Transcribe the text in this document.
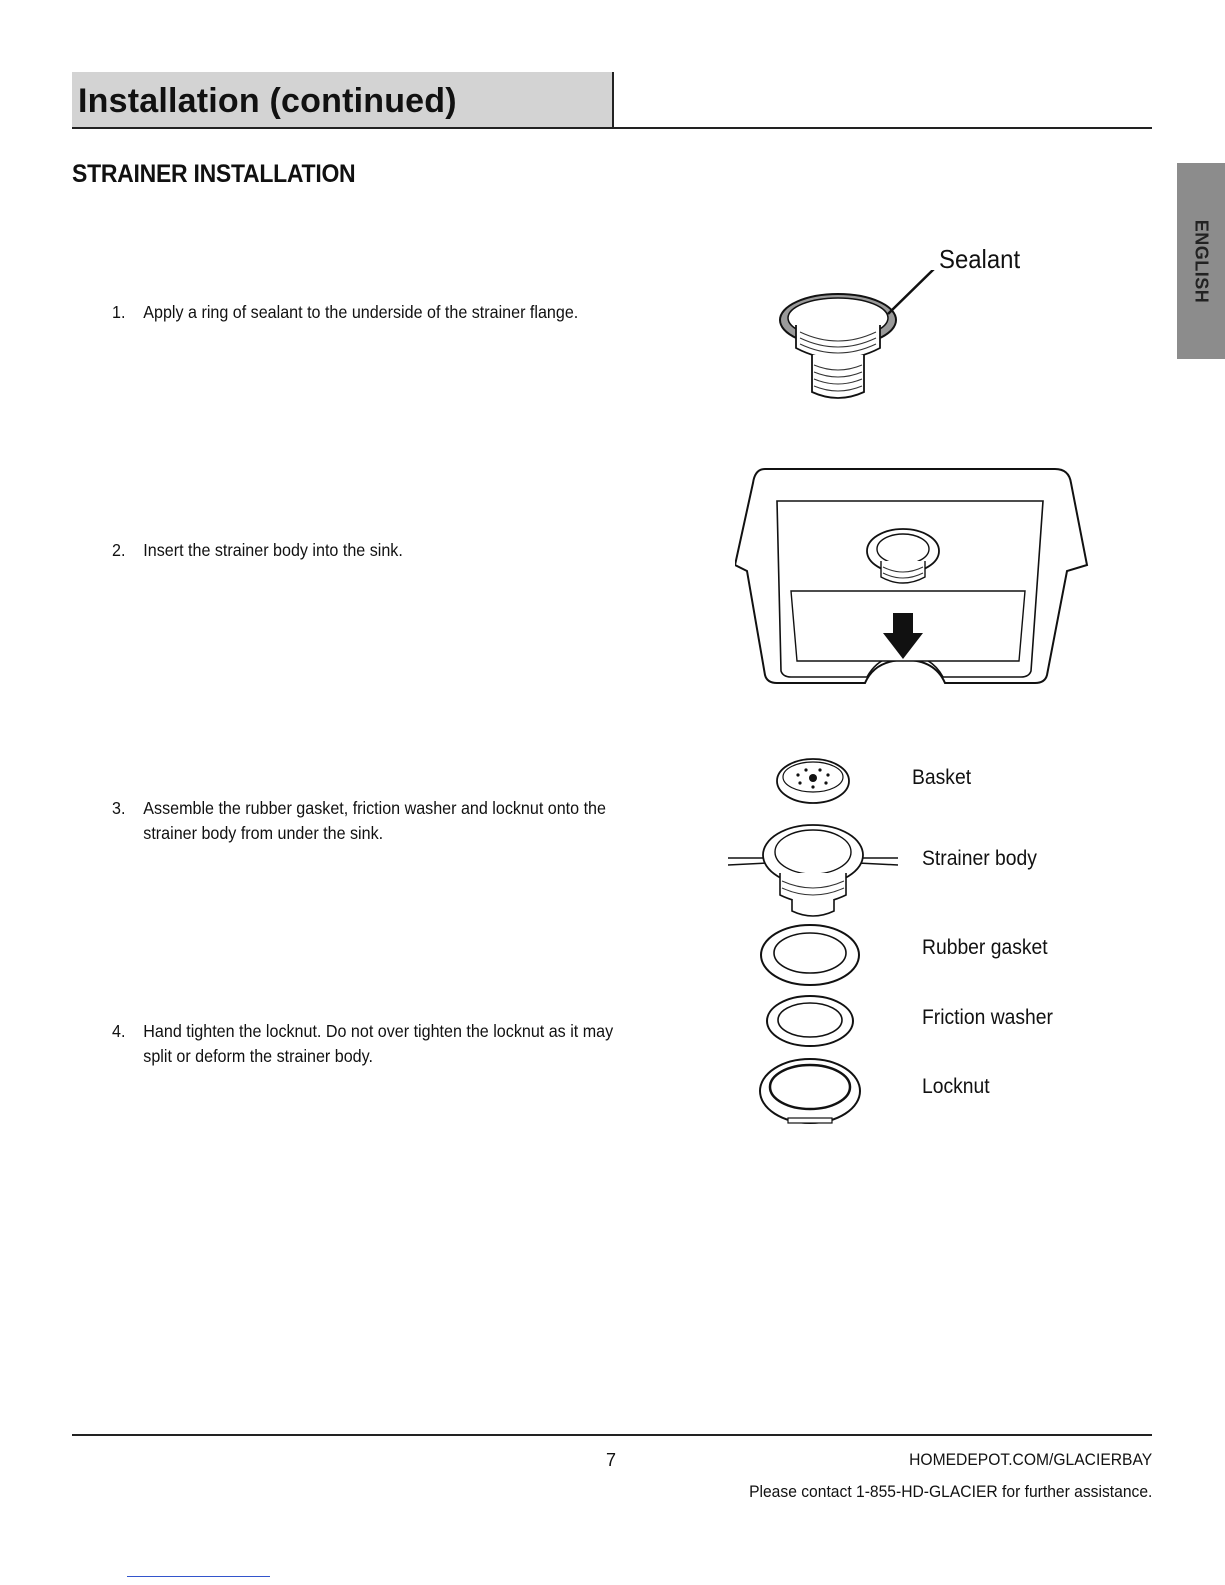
Installation (continued)
STRAINER INSTALLATION
ENGLISH
1. Apply a ring of sealant to the underside of the strainer flange.
2. Insert the strainer body into the sink.
3. Assemble the rubber gasket, friction washer and locknut onto the strainer body from under the sink.
4. Hand tighten the locknut. Do not over tighten the locknut as it may split or deform the strainer body.
Sealant
Basket
Strainer body
Rubber gasket
Friction washer
Locknut
7	HOMEDEPOT.COM/GLACIERBAY
Please contact 1-855-HD-GLACIER for further assistance.
